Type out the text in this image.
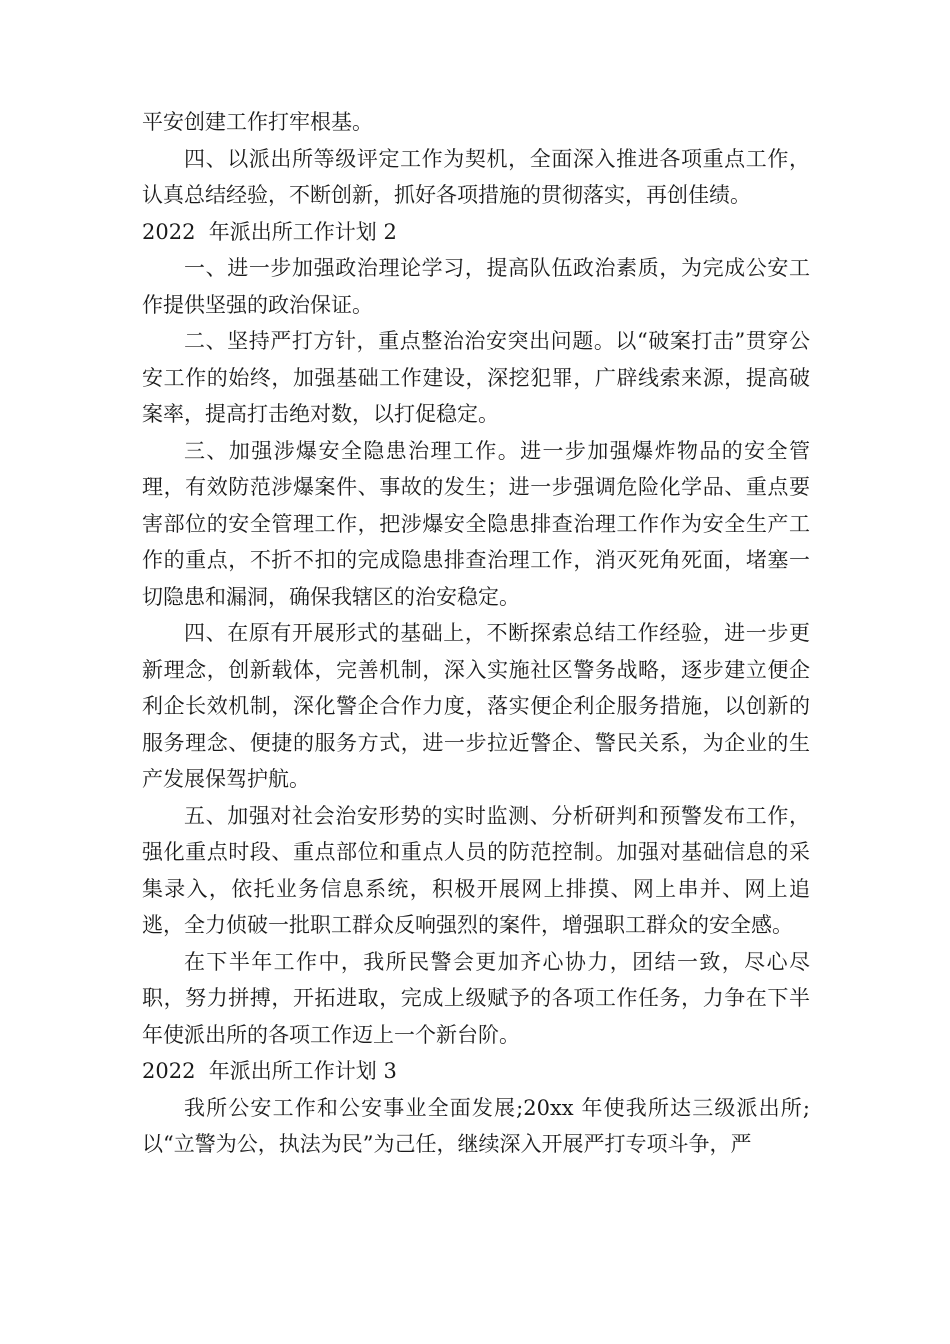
平安创建工作打牢根基。

四、以派出所等级评定工作为契机，全面深入推进各项重点工作，认真总结经验，不断创新，抓好各项措施的贯彻落实，再创佳绩。

2022  年派出所工作计划 2

一、进一步加强政治理论学习，提高队伍政治素质，为完成公安工作提供坚强的政治保证。

二、坚持严打方针，重点整治治安突出问题。以“破案打击”贯穿公安工作的始终，加强基础工作建设，深挖犯罪，广辟线索来源，提高破案率，提高打击绝对数，以打促稳定。

三、加强涉爆安全隐患治理工作。进一步加强爆炸物品的安全管理，有效防范涉爆案件、事故的发生；进一步强调危险化学品、重点要害部位的安全管理工作，把涉爆安全隐患排查治理工作作为安全生产工作的重点，不折不扣的完成隐患排查治理工作，消灭死角死面，堵塞一切隐患和漏洞，确保我辖区的治安稳定。

四、在原有开展形式的基础上，不断探索总结工作经验，进一步更新理念，创新载体，完善机制，深入实施社区警务战略，逐步建立便企利企长效机制，深化警企合作力度，落实便企利企服务措施，以创新的服务理念、便捷的服务方式，进一步拉近警企、警民关系，为企业的生产发展保驾护航。

五、加强对社会治安形势的实时监测、分析研判和预警发布工作，强化重点时段、重点部位和重点人员的防范控制。加强对基础信息的采集录入，依托业务信息系统，积极开展网上排摸、网上串并、网上追逃，全力侦破一批职工群众反响强烈的案件，增强职工群众的安全感。

在下半年工作中，我所民警会更加齐心协力，团结一致，尽心尽职，努力拼搏，开拓进取，完成上级赋予的各项工作任务，力争在下半年使派出所的各项工作迈上一个新台阶。

2022  年派出所工作计划 3

我所公安工作和公安事业全面发展;20xx 年使我所达三级派出所;以“立警为公，执法为民”为己任，继续深入开展严打专项斗争，严
